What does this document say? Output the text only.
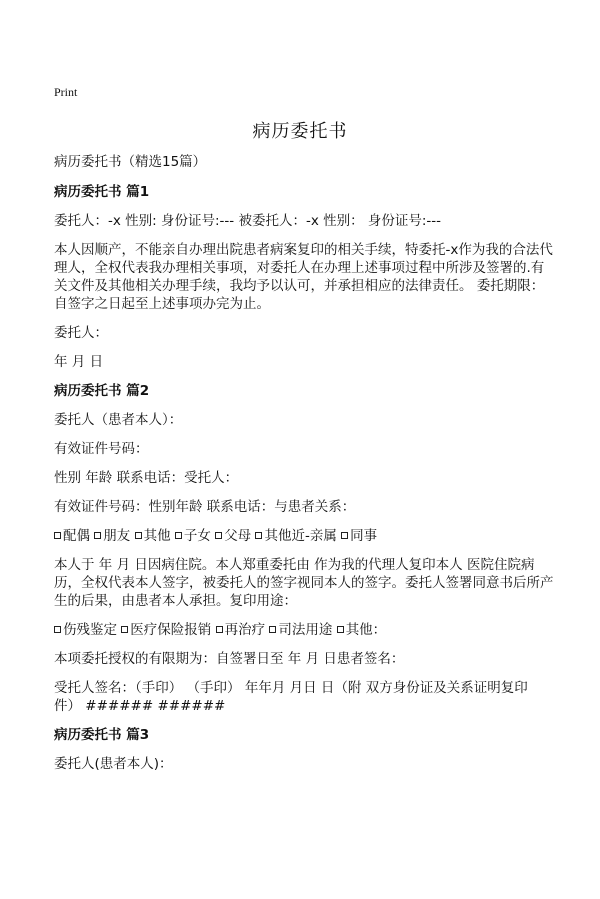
Print
病历委托书

病历委托书（精选15篇）

病历委托书 篇1

委托人：-x 性别: 身份证号:--- 被委托人：-x 性别： 身份证号:---

本人因顺产，不能亲自办理出院患者病案复印的相关手续，特委托-x作为我的合法代理人，全权代表我办理相关事项，对委托人在办理上述事项过程中所涉及签署的.有关文件及其他相关办理手续，我均予以认可，并承担相应的法律责任。 委托期限：自签字之日起至上述事项办完为止。

委托人：

年 月 日

病历委托书 篇2

委托人（患者本人）：

有效证件号码：

性别 年龄 联系电话：受托人：

有效证件号码：性别年龄 联系电话：与患者关系：

配偶 朋友 其他 子女 父母 其他近-亲属 同事

本人于 年 月 日因病住院。本人郑重委托由 作为我的代理人复印本人 医院住院病历，全权代表本人签字，被委托人的签字视同本人的签字。委托人签署同意书后所产 生的后果，由患者本人承担。复印用途：

伤残鉴定 医疗保险报销 再治疗 司法用途 其他：

本项委托授权的有限期为：自签署日至 年 月 日患者签名：

受托人签名：（手印） （手印） 年年月 月日 日（附 双方身份证及关系证明复印件） ###### ######

病历委托书 篇3

委托人(患者本人)：
